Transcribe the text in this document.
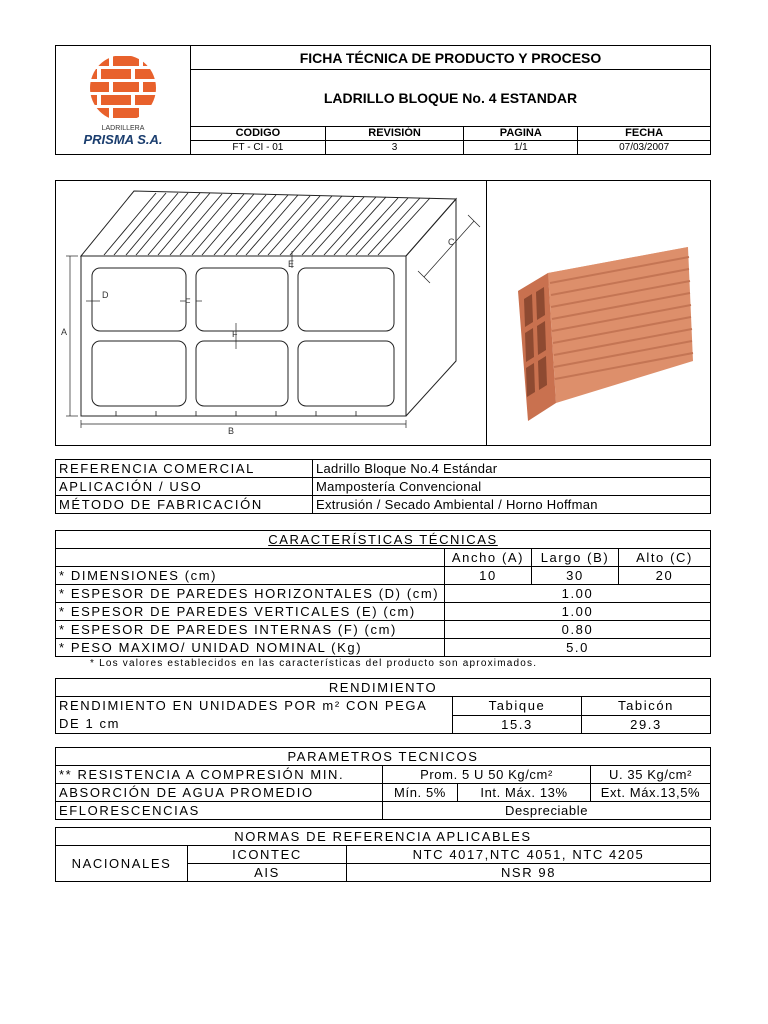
LADRILLERA
PRISMA S.A.	FICHA TÉCNICA DE PRODUCTO Y PROCESO			
	LADRILLO BLOQUE No. 4 ESTANDAR			
	CODIGO	REVISIÓN	PAGINA	FECHA
	FT - CI - 01	3	1/1	07/03/2007
A
B
C
D
E
F
F
REFERENCIA COMERCIAL	Ladrillo Bloque No.4 Estándar
APLICACIÓN / USO	Mampostería Convencional
MÉTODO DE FABRICACIÓN	Extrusión / Secado Ambiental / Horno Hoffman
CARACTERÍSTICAS TÉCNICAS			
	Ancho (A)	Largo (B)	Alto (C)
* DIMENSIONES (cm)	10	30	20
* ESPESOR DE PAREDES HORIZONTALES (D) (cm)	1.00		
* ESPESOR DE PAREDES VERTICALES (E) (cm)	1.00		
* ESPESOR DE PAREDES INTERNAS (F) (cm)	0.80		
* PESO MAXIMO/ UNIDAD NOMINAL (Kg)	5.0		
* Los valores establecidos en las características del producto son aproximados.
RENDIMIENTO		
RENDIMIENTO EN UNIDADES POR m² CON PEGA DE 1 cm	Tabique	Tabicón
	15.3	29.3
PARAMETROS TECNICOS			
** RESISTENCIA A COMPRESIÓN MIN.	Prom. 5 U 50 Kg/cm²		U. 35 Kg/cm²
ABSORCIÓN DE AGUA PROMEDIO	Mín. 5%	Int. Máx. 13%	Ext. Máx.13,5%
EFLORESCENCIAS	Despreciable		
NORMAS DE REFERENCIA APLICABLES		
NACIONALES	ICONTEC	NTC 4017,NTC 4051, NTC 4205
	AIS	NSR 98
